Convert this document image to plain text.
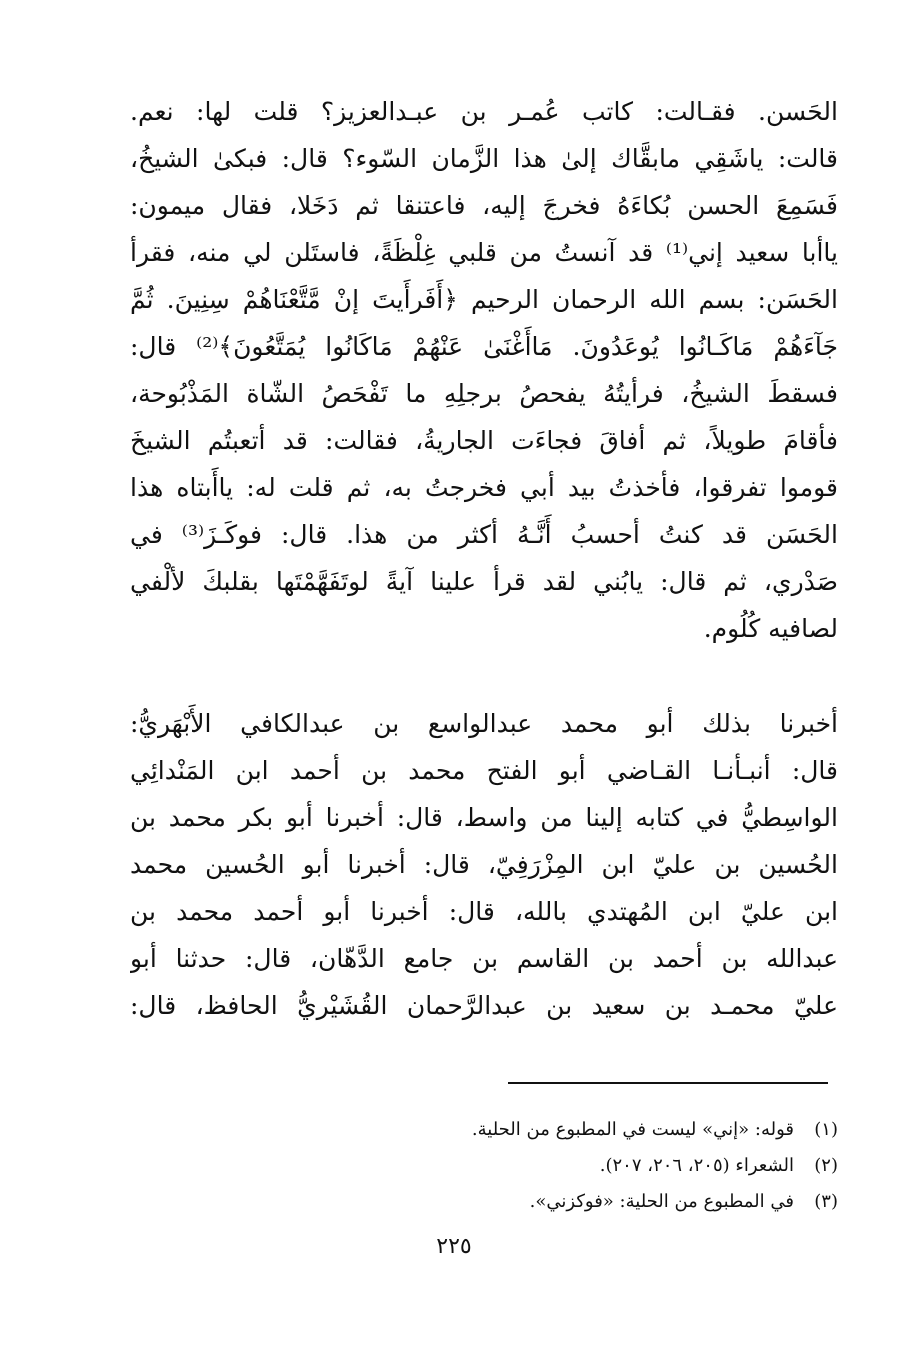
الحَسن. فقـالت: كاتب عُمـر بن عبـدالعزيز؟ قلت لها: نعم.
قالت: ياشَقِي مابقَّاك إلىٰ هذا الزَّمان السّوء؟ قال: فبكىٰ الشيخُ،
فَسَمِعَ الحسن بُكاءَهُ فخرجَ إليه، فاعتنقا ثم دَخَلا، فقال ميمون:
ياأبا سعيد إني⁽¹⁾ قد آنستُ من قلبي غِلْظَةً، فاستَلن لي منه، فقرأ
الحَسَن: بسم الله الرحمان الرحيم ﴿أَفَرأَيتَ إنْ مَّتَّعْنَاهُمْ سِنِينَ. ثُمَّ
جَآءَهُمْ مَاكَـانُوا يُوعَدُونَ. مَاأَغْنَىٰ عَنْهُمْ مَاكَانُوا يُمَتَّعُونَ﴾⁽²⁾ قال:
فسقطَ الشيخُ، فرأيتُهُ يفحصُ برجلِهِ ما تَفْحَصُ الشّاة المَذْبُوحة،
فأقامَ طويلاً، ثم أفاقَ فجاءَت الجاريةُ، فقالت: قد أتعبتُم الشيخَ
قوموا تفرقوا، فأخذتُ بيد أبي فخرجتُ به، ثم قلت له: ياأَبتاه هذا
الحَسَن قد كنتُ أحسبُ أَنَّـهُ أكثر من هذا. قال: فوكَـزَ⁽³⁾ في
صَدْري، ثم قال: يابُني لقد قرأ علينا آيةً لوتَفَهَّمْتَها بقلبكَ لألْفي
لصافيه كُلُوم.
أخبرنا بذلك أبو محمد عبدالواسع بن عبدالكافي الأَبْهَريُّ:
قال: أنبـأنـا القـاضي أبو الفتح محمد بن أحمد ابن المَنْدائِي
الواسِطيُّ في كتابه إلينا من واسط، قال: أخبرنا أبو بكر محمد بن
الحُسين بن عليّ ابن المِزْرَفِيّ، قال: أخبرنا أبو الحُسين محمد
ابن عليّ ابن المُهتدي بالله، قال: أخبرنا أبو أحمد محمد بن
عبدالله بن أحمد بن القاسم بن جامع الدَّهّان، قال: حدثنا أبو
عليّ محمـد بن سعيد بن عبدالرَّحمان القُشَيْريُّ الحافظ، قال:
(١)قوله: «إني» ليست في المطبوع من الحلية.
(٢)الشعراء (٢٠٥، ٢٠٦، ٢٠٧).
(٣)في المطبوع من الحلية: «فوكزني».
٢٢٥
